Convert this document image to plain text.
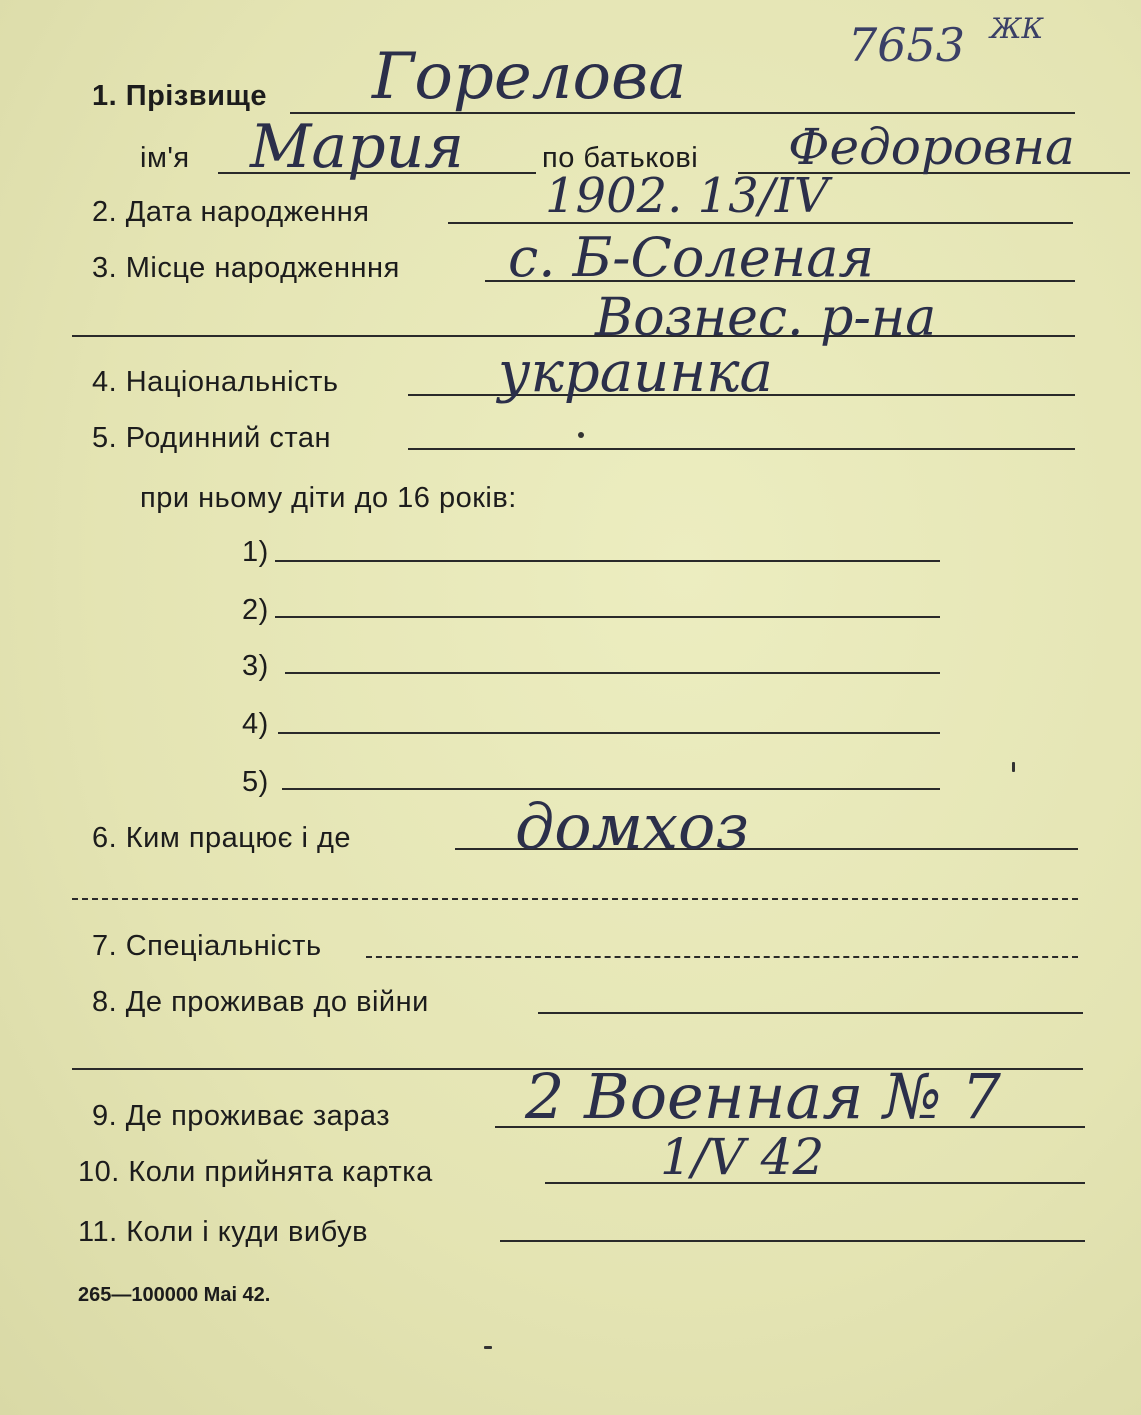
7653 ЖК
1. Прізвище Горелова
ім'я Мария	по батькові Федоровна
2. Дата народження	1902. 13/IV
3. Місце народженння с. Б-Соленая
Вознес. р-на
4. Національність	украинка
5. Родинний стан
при ньому діти до 16 років:
1)
2)
3)
4)
5)
6. Ким працює і де	домхоз
7. Спеціальність
8. Де проживав до війни
9. Де проживає зараз 2 Военная № 7
10. Коли прийнята картка	1/V 42
11. Коли і куди вибув
265—100000 Mai 42.
